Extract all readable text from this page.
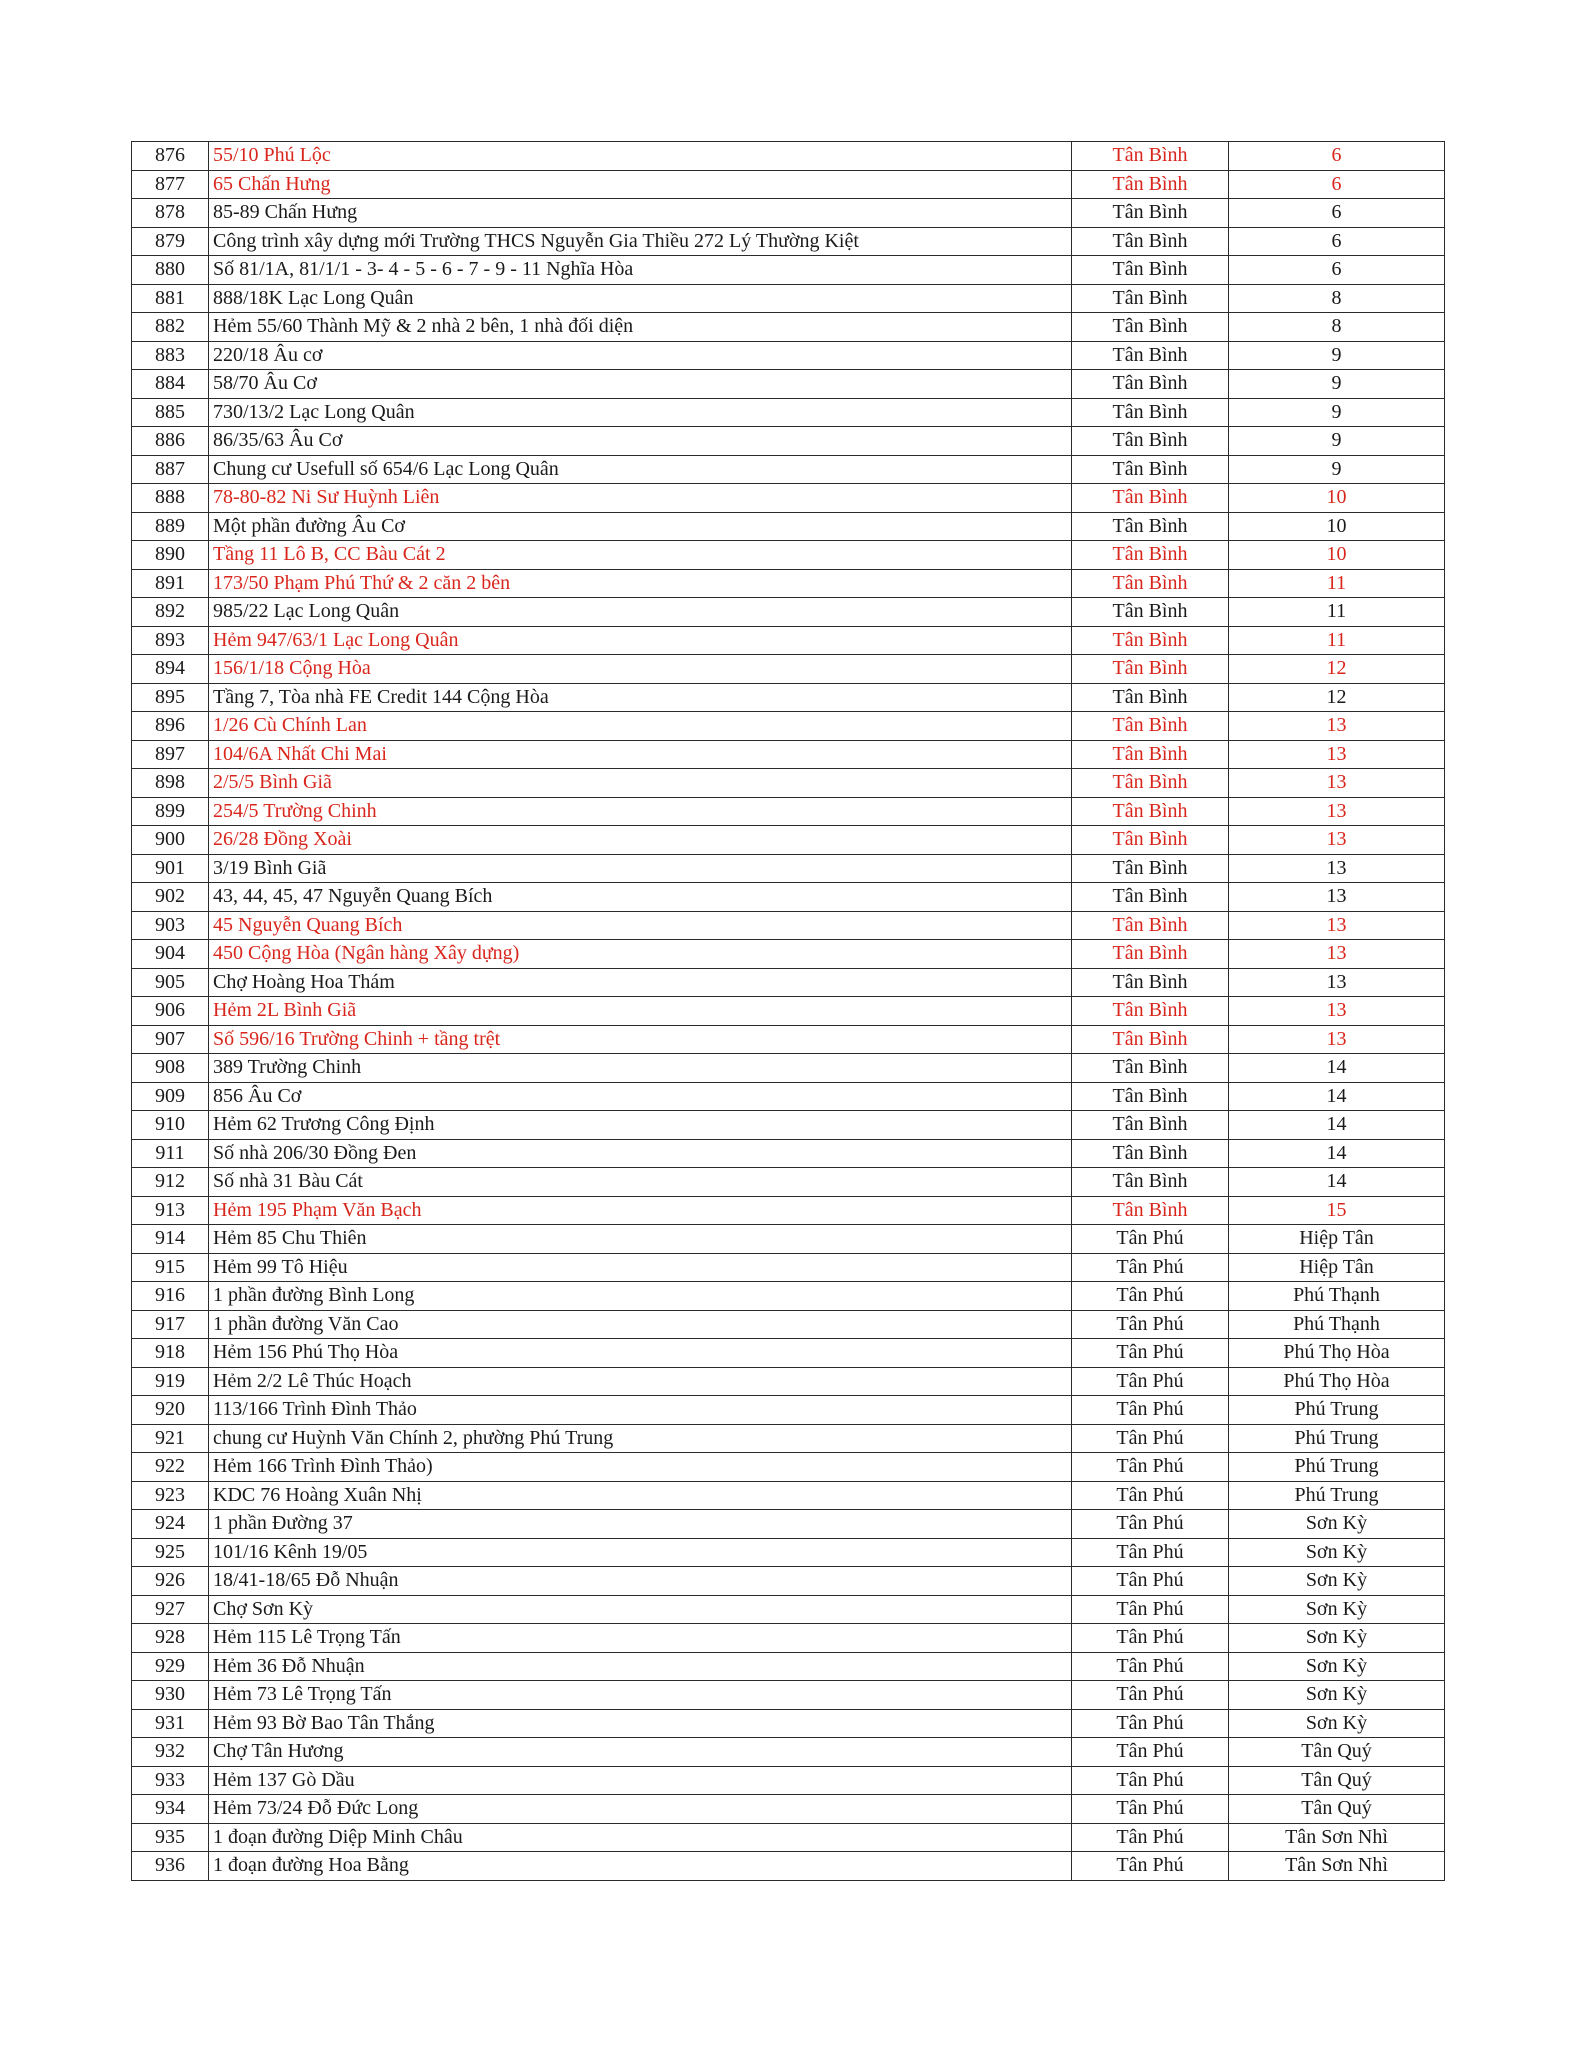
876	55/10 Phú Lộc	Tân Bình	6
877	65 Chấn Hưng	Tân Bình	6
878	85-89 Chấn Hưng	Tân Bình	6
879	Công trình xây dựng mới Trường THCS Nguyễn Gia Thiều 272 Lý Thường Kiệt	Tân Bình	6
880	Số 81/1A, 81/1/1 - 3- 4 - 5 - 6 - 7 - 9 - 11 Nghĩa Hòa	Tân Bình	6
881	888/18K Lạc Long Quân	Tân Bình	8
882	Hẻm 55/60 Thành Mỹ & 2 nhà 2 bên, 1 nhà đối diện	Tân Bình	8
883	220/18 Âu cơ	Tân Bình	9
884	58/70 Âu Cơ	Tân Bình	9
885	730/13/2 Lạc Long Quân	Tân Bình	9
886	86/35/63 Âu Cơ	Tân Bình	9
887	Chung cư Usefull số 654/6 Lạc Long Quân	Tân Bình	9
888	78-80-82 Ni Sư Huỳnh Liên	Tân Bình	10
889	Một phần đường Âu Cơ	Tân Bình	10
890	Tầng 11 Lô B, CC Bàu Cát 2	Tân Bình	10
891	173/50 Phạm Phú Thứ & 2 căn 2 bên	Tân Bình	11
892	985/22 Lạc Long Quân	Tân Bình	11
893	Hẻm 947/63/1 Lạc Long Quân	Tân Bình	11
894	156/1/18 Cộng Hòa	Tân Bình	12
895	Tầng 7, Tòa nhà FE Credit 144 Cộng Hòa	Tân Bình	12
896	1/26 Cù Chính Lan	Tân Bình	13
897	104/6A Nhất Chi Mai	Tân Bình	13
898	2/5/5 Bình Giã	Tân Bình	13
899	254/5 Trường Chinh	Tân Bình	13
900	26/28 Đồng Xoài	Tân Bình	13
901	3/19 Bình Giã	Tân Bình	13
902	43, 44, 45, 47 Nguyễn Quang Bích	Tân Bình	13
903	45 Nguyễn Quang Bích	Tân Bình	13
904	450 Cộng Hòa (Ngân hàng Xây dựng)	Tân Bình	13
905	Chợ Hoàng Hoa Thám	Tân Bình	13
906	Hẻm 2L Bình Giã	Tân Bình	13
907	Số 596/16 Trường Chinh + tầng trệt	Tân Bình	13
908	389 Trường Chinh	Tân Bình	14
909	856 Âu Cơ	Tân Bình	14
910	Hẻm 62 Trương Công Định	Tân Bình	14
911	Số nhà 206/30 Đồng Đen	Tân Bình	14
912	Số nhà 31 Bàu Cát	Tân Bình	14
913	Hẻm 195 Phạm Văn Bạch	Tân Bình	15
914	Hẻm 85 Chu Thiên	Tân Phú	Hiệp Tân
915	Hẻm 99 Tô Hiệu	Tân Phú	Hiệp Tân
916	1 phần đường Bình Long	Tân Phú	Phú Thạnh
917	1 phần đường Văn Cao	Tân Phú	Phú Thạnh
918	Hẻm 156 Phú Thọ Hòa	Tân Phú	Phú Thọ Hòa
919	Hẻm 2/2 Lê Thúc Hoạch	Tân Phú	Phú Thọ Hòa
920	113/166 Trình Đình Thảo	Tân Phú	Phú Trung
921	chung cư Huỳnh Văn Chính 2, phường Phú Trung	Tân Phú	Phú Trung
922	Hẻm 166 Trình Đình Thảo)	Tân Phú	Phú Trung
923	KDC 76 Hoàng Xuân Nhị	Tân Phú	Phú Trung
924	1 phần Đường 37	Tân Phú	Sơn Kỳ
925	101/16 Kênh 19/05	Tân Phú	Sơn Kỳ
926	18/41-18/65 Đỗ Nhuận	Tân Phú	Sơn Kỳ
927	Chợ Sơn Kỳ	Tân Phú	Sơn Kỳ
928	Hẻm 115 Lê Trọng Tấn	Tân Phú	Sơn Kỳ
929	Hẻm 36 Đỗ Nhuận	Tân Phú	Sơn Kỳ
930	Hẻm 73 Lê Trọng Tấn	Tân Phú	Sơn Kỳ
931	Hẻm 93 Bờ Bao Tân Thắng	Tân Phú	Sơn Kỳ
932	Chợ Tân Hương	Tân Phú	Tân Quý
933	Hẻm 137 Gò Dầu	Tân Phú	Tân Quý
934	Hẻm 73/24 Đỗ Đức Long	Tân Phú	Tân Quý
935	1 đoạn đường Diệp Minh Châu	Tân Phú	Tân Sơn Nhì
936	1 đoạn đường Hoa Bằng	Tân Phú	Tân Sơn Nhì
